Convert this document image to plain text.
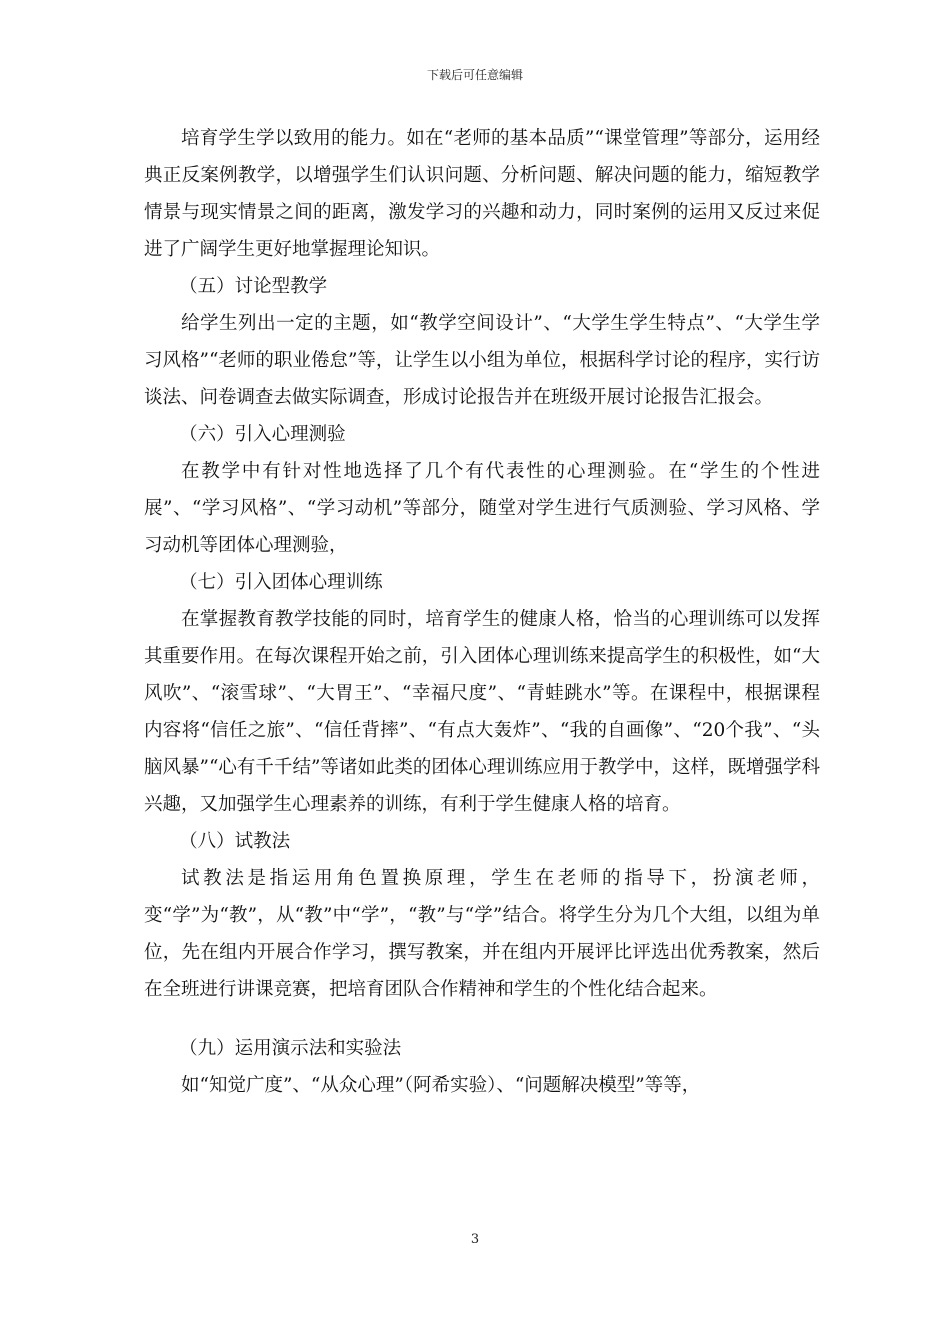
下载后可任意编辑

培育学生学以致用的能力。如在“老师的基本品质”“课堂管理”等部分，运用经典正反案例教学，以增强学生们认识问题、分析问题、解决问题的能力，缩短教学情景与现实情景之间的距离，激发学习的兴趣和动力，同时案例的运用又反过来促进了广阔学生更好地掌握理论知识。

（五）讨论型教学

给学生列出一定的主题，如“教学空间设计”、“大学生学生特点”、“大学生学习风格”“老师的职业倦怠”等，让学生以小组为单位，根据科学讨论的程序，实行访谈法、问卷调查去做实际调查，形成讨论报告并在班级开展讨论报告汇报会。

（六）引入心理测验

在教学中有针对性地选择了几个有代表性的心理测验。在“学生的个性进展”、“学习风格”、“学习动机”等部分，随堂对学生进行气质测验、学习风格、学习动机等团体心理测验，

（七）引入团体心理训练

在掌握教育教学技能的同时，培育学生的健康人格，恰当的心理训练可以发挥其重要作用。在每次课程开始之前，引入团体心理训练来提高学生的积极性，如“大风吹”、“滚雪球”、“大胃王”、“幸福尺度”、“青蛙跳水”等。在课程中，根据课程内容将“信任之旅”、“信任背摔”、“有点大轰炸”、“我的自画像”、“20个我”、“头脑风暴”“心有千千结”等诸如此类的团体心理训练应用于教学中，这样，既增强学科兴趣，又加强学生心理素养的训练，有利于学生健康人格的培育。

（八）试教法

试教法是指运用角色置换原理，学生在老师的指导下，扮演老师，变“学”为“教”，从“教”中“学”，“教”与“学”结合。将学生分为几个大组，以组为单位，先在组内开展合作学习，撰写教案，并在组内开展评比评选出优秀教案，然后在全班进行讲课竞赛，把培育团队合作精神和学生的个性化结合起来。

（九）运用演示法和实验法

如“知觉广度”、“从众心理”（阿希实验）、“问题解决模型”等等，

3
